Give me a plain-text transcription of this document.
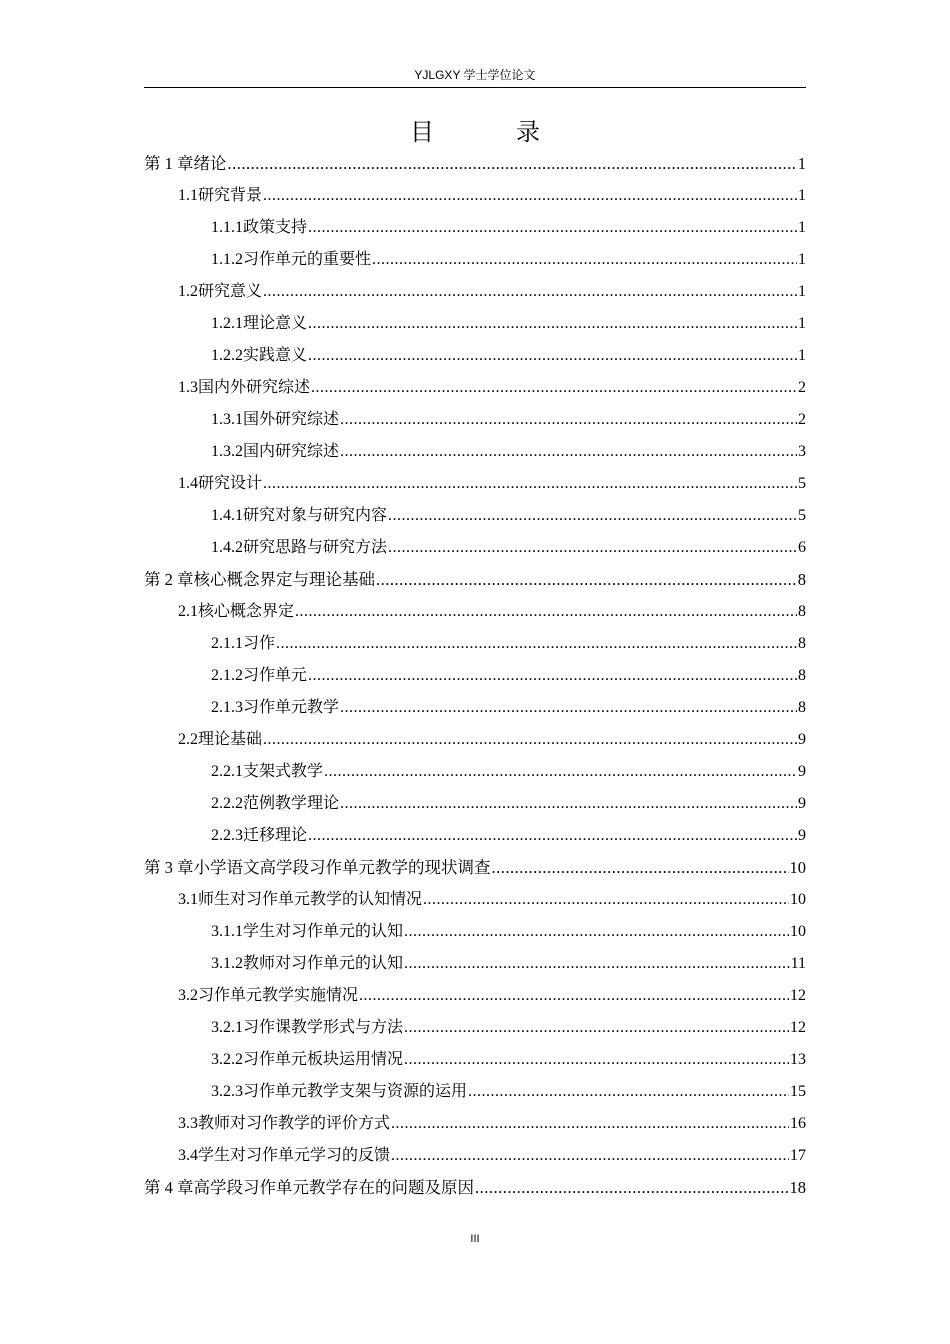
YJLGXY 学士学位论文
目 录
第 1 章 绪论 .....	1
1.1 研究背景 .....	1
1.1.1 政策支持 .....	1
1.1.2 习作单元的重要性 .....	1
1.2 研究意义 .....	1
1.2.1 理论意义 .....	1
1.2.2 实践意义 .....	1
1.3 国内外研究综述 .....	2
1.3.1 国外研究综述 .....	2
1.3.2 国内研究综述 .....	3
1.4 研究设计 .....	5
1.4.1 研究对象与研究内容 .....	5
1.4.2 研究思路与研究方法 .....	6
第 2 章 核心概念界定与理论基础 .....	8
2.1 核心概念界定 .....	8
2.1.1 习作 .....	8
2.1.2 习作单元 .....	8
2.1.3 习作单元教学 .....	8
2.2 理论基础 .....	9
2.2.1 支架式教学 .....	9
2.2.2 范例教学理论 .....	9
2.2.3 迁移理论 .....	9
第 3 章 小学语文高学段习作单元教学的现状调查 .....	10
3.1 师生对习作单元教学的认知情况 .....	10
3.1.1 学生对习作单元的认知 .....	10
3.1.2 教师对习作单元的认知 .....	11
3.2 习作单元教学实施情况 .....	12
3.2.1 习作课教学形式与方法 .....	12
3.2.2 习作单元板块运用情况 .....	13
3.2.3 习作单元教学支架与资源的运用 .....	15
3.3 教师对习作教学的评价方式 .....	16
3.4 学生对习作单元学习的反馈 .....	17
第 4 章 高学段习作单元教学存在的问题及原因 .....	18
III
